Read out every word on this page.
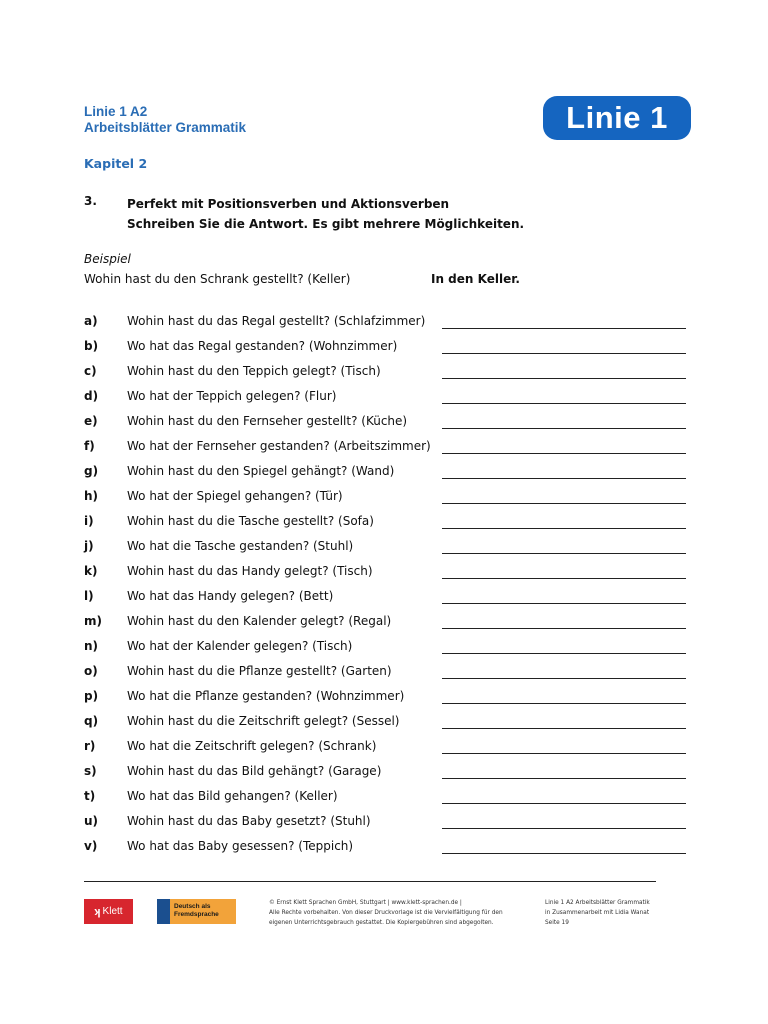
Linie 1 A2
Arbeitsblätter Grammatik	Linie 1
Kapitel 2
3.	Perfekt mit Positionsverben und Aktionsverben
Schreiben Sie die Antwort. Es gibt mehrere Möglichkeiten.
Beispiel
Wohin hast du den Schrank gestellt? (Keller)	In den Keller.
a) Wohin hast du das Regal gestellt? (Schlafzimmer)
b) Wo hat das Regal gestanden? (Wohnzimmer)
c)	Wohin hast du den Teppich gelegt? (Tisch)
d) Wo hat der Teppich gelegen? (Flur)
e) Wohin hast du den Fernseher gestellt? (Küche)
f)	Wo hat der Fernseher gestanden? (Arbeitszimmer)
g) Wohin hast du den Spiegel gehängt? (Wand)
h) Wo hat der Spiegel gehangen? (Tür)
i)	Wohin hast du die Tasche gestellt? (Sofa)
j)	Wo hat die Tasche gestanden? (Stuhl)
k) Wohin hast du das Handy gelegt? (Tisch)
l)	Wo hat das Handy gelegen? (Bett)
m) Wohin hast du den Kalender gelegt? (Regal)
n) Wo hat der Kalender gelegen? (Tisch)
o) Wohin hast du die Pflanze gestellt? (Garten)
p) Wo hat die Pflanze gestanden? (Wohnzimmer)
q) Wohin hast du die Zeitschrift gelegt? (Sessel)
r)	Wo hat die Zeitschrift gelegen? (Schrank)
s)	Wohin hast du das Bild gehängt? (Garage)
t)	Wo hat das Bild gehangen? (Keller)
u) Wohin hast du das Baby gesetzt? (Stuhl)
v) Wo hat das Baby gesessen? (Teppich)
ʞ Klett	Deutsch als
Fremdsprache
© Ernst Klett Sprachen GmbH, Stuttgart | www.klett-sprachen.de |
Alle Rechte vorbehalten. Von dieser Druckvorlage ist die Vervielfältigung für den
eigenen Unterrichtsgebrauch gestattet. Die Kopiergebühren sind abgegolten.
Linie 1 A2 Arbeitsblätter Grammatik
in Zusammenarbeit mit Lidia Wanat
Seite 19
